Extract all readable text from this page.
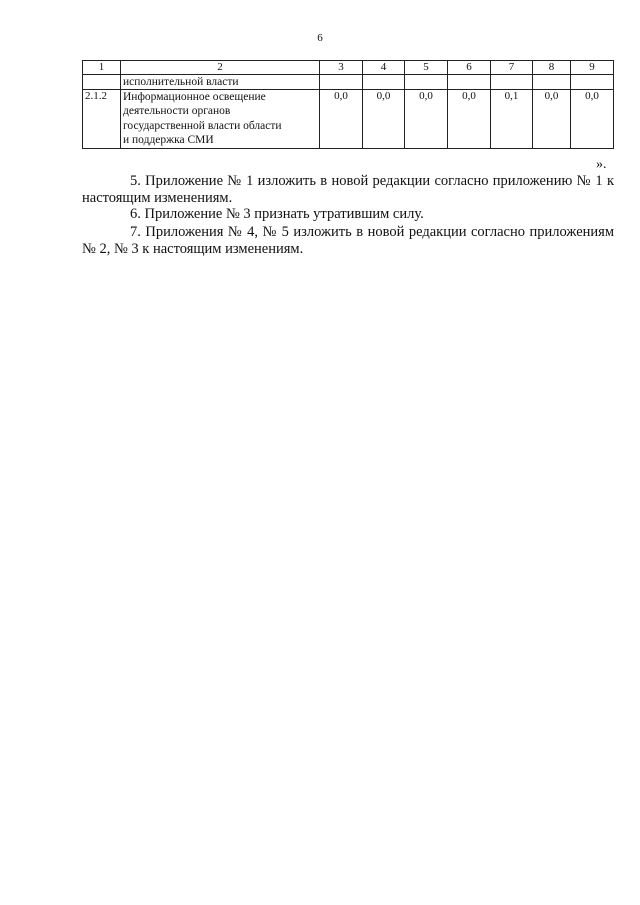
6
1	2	3	4	5	6	7	8	9
	исполнительной власти							
2.1.2	Информационное освещение
деятельности органов
государственной власти области
и поддержка СМИ	0,0	0,0	0,0	0,0	0,1	0,0	0,0
».

5. Приложение № 1 изложить в новой редакции согласно приложению № 1 к настоящим изменениям.

6. Приложение № 3 признать утратившим силу.

7. Приложения № 4, № 5 изложить в новой редакции согласно приложениям № 2, № 3 к настоящим изменениям.
